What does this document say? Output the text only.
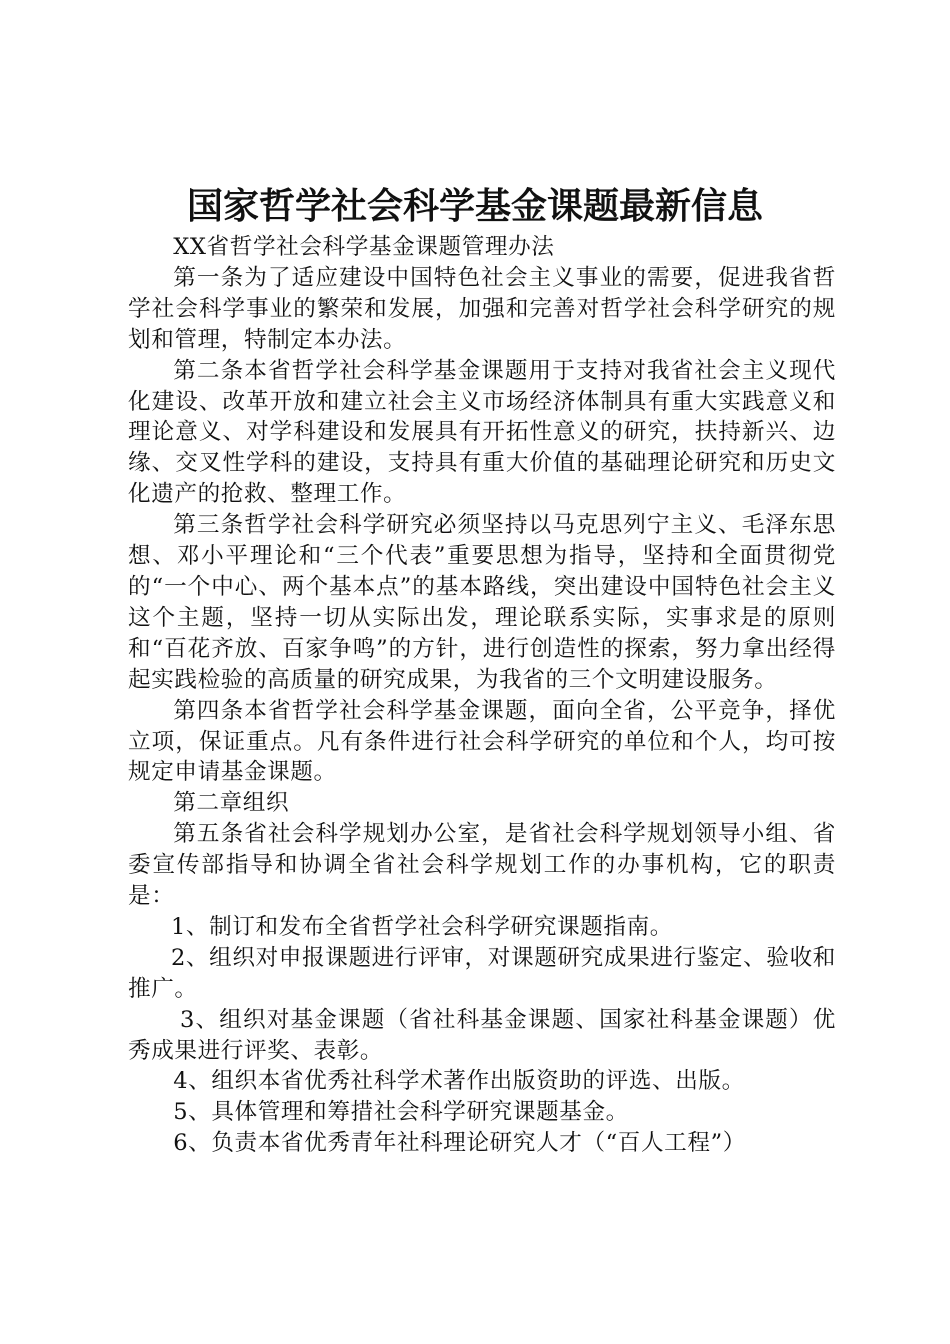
国家哲学社会科学基金课题最新信息

XX省哲学社会科学基金课题管理办法

第一条为了适应建设中国特色社会主义事业的需要，促进我省哲学社会科学事业的繁荣和发展，加强和完善对哲学社会科学研究的规划和管理，特制定本办法。

第二条本省哲学社会科学基金课题用于支持对我省社会主义现代化建设、改革开放和建立社会主义市场经济体制具有重大实践意义和理论意义、对学科建设和发展具有开拓性意义的研究，扶持新兴、边缘、交叉性学科的建设，支持具有重大价值的基础理论研究和历史文化遗产的抢救、整理工作。

第三条哲学社会科学研究必须坚持以马克思列宁主义、毛泽东思想、邓小平理论和“三个代表”重要思想为指导，坚持和全面贯彻党的“一个中心、两个基本点”的基本路线，突出建设中国特色社会主义这个主题，坚持一切从实际出发，理论联系实际，实事求是的原则和“百花齐放、百家争鸣”的方针，进行创造性的探索，努力拿出经得起实践检验的高质量的研究成果，为我省的三个文明建设服务。

第四条本省哲学社会科学基金课题，面向全省，公平竞争，择优立项，保证重点。凡有条件进行社会科学研究的单位和个人，均可按规定申请基金课题。

第二章组织

第五条省社会科学规划办公室，是省社会科学规划领导小组、省委宣传部指导和协调全省社会科学规划工作的办事机构，它的职责是：

1、制订和发布全省哲学社会科学研究课题指南。

2、组织对申报课题进行评审，对课题研究成果进行鉴定、验收和推广。

3、组织对基金课题（省社科基金课题、国家社科基金课题）优秀成果进行评奖、表彰。

4、组织本省优秀社科学术著作出版资助的评选、出版。

5、具体管理和筹措社会科学研究课题基金。

6、负责本省优秀青年社科理论研究人才（“百人工程”）
